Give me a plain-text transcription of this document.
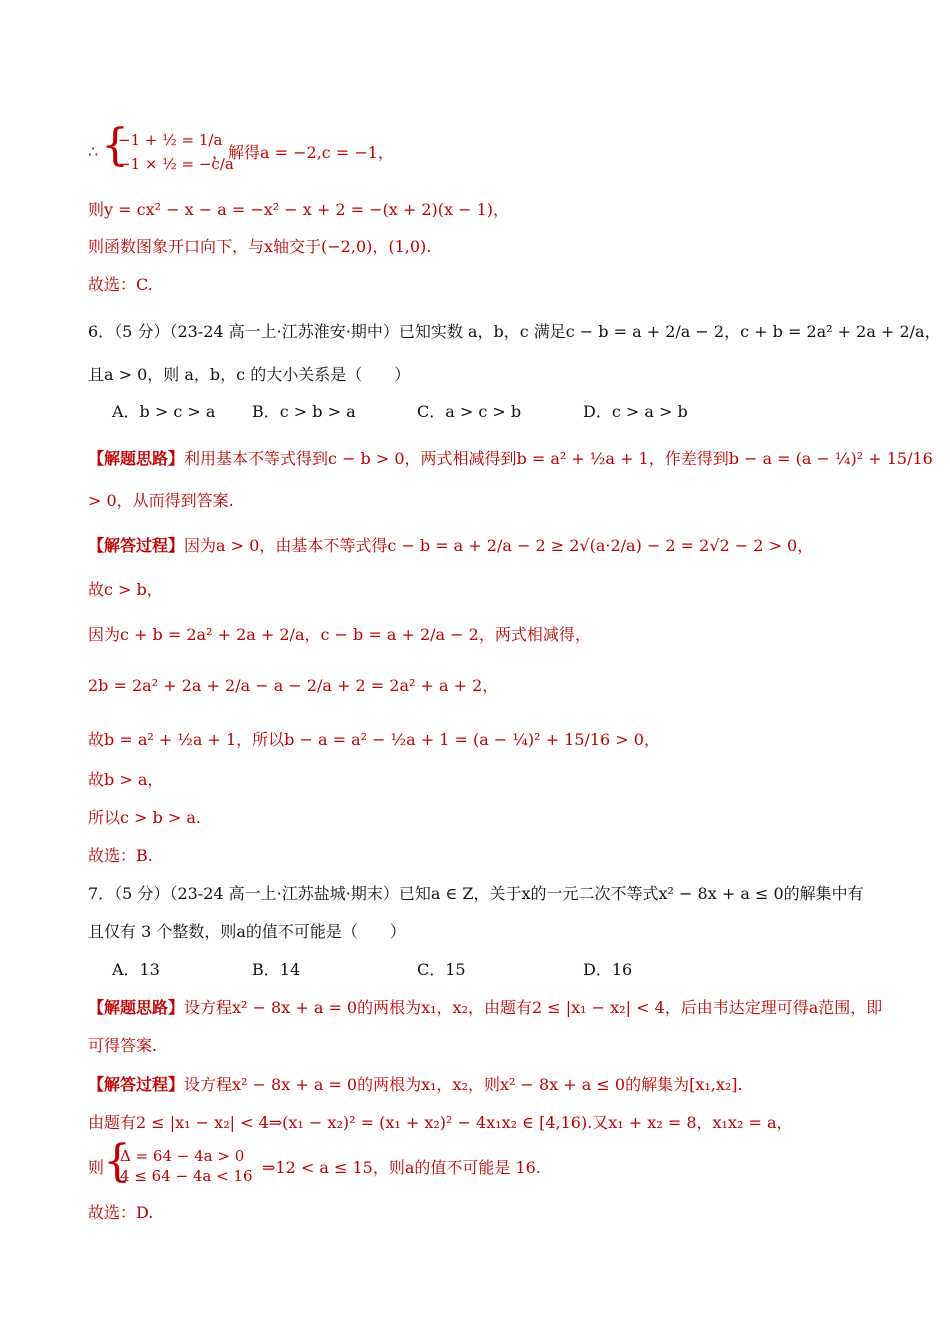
∴ {
−1 + ½ = 1/a
−1 × ½ = −c/a
，解得a = −2,c = −1，
则y = cx² − x − a = −x² − x + 2 = −(x + 2)(x − 1)，
则函数图象开口向下，与x轴交于(−2,0)，(1,0).
故选：C.
6．（5 分）（23-24 高一上·江苏淮安·期中）已知实数 a，b，c 满足c − b = a + 2/a − 2，c + b = 2a² + 2a + 2/a，
且a > 0，则 a，b，c 的大小关系是（　　）
A．b > c > a B．c > b > a	C．a > c > b	D．c > a > b
【解题思路】利用基本不等式得到c − b > 0，两式相减得到b = a² + ½a + 1，作差得到b − a = (a − ¼)² + 15/16
> 0，从而得到答案.
【解答过程】因为a > 0，由基本不等式得c − b = a + 2/a − 2 ≥ 2√(a·2/a) − 2 = 2√2 − 2 > 0，
故c > b，
因为c + b = 2a² + 2a + 2/a，c − b = a + 2/a − 2，两式相减得，
2b = 2a² + 2a + 2/a − a − 2/a + 2 = 2a² + a + 2，
故b = a² + ½a + 1，所以b − a = a² − ½a + 1 = (a − ¼)² + 15/16 > 0，
故b > a，
所以c > b > a.
故选：B.
7．（5 分）（23-24 高一上·江苏盐城·期末）已知a ∈ Z，关于x的一元二次不等式x² − 8x + a ≤ 0的解集中有
且仅有 3 个整数，则a的值不可能是（　　）
A．13	B．14	C．15	D．16
【解题思路】设方程x² − 8x + a = 0的两根为x₁，x₂，由题有2 ≤ |x₁ − x₂| < 4，后由韦达定理可得a范围，即
可得答案.
【解答过程】设方程x² − 8x + a = 0的两根为x₁，x₂，则x² − 8x + a ≤ 0的解集为[x₁,x₂].
由题有2 ≤ |x₁ − x₂| < 4⇒(x₁ − x₂)² = (x₁ + x₂)² − 4x₁x₂ ∈ [4,16).又x₁ + x₂ = 8，x₁x₂ = a，
则
{
Δ = 64 − 4a > 0
4 ≤ 64 − 4a < 16 ⇒12 < a ≤ 15，则a的值不可能是 16.
故选：D.
